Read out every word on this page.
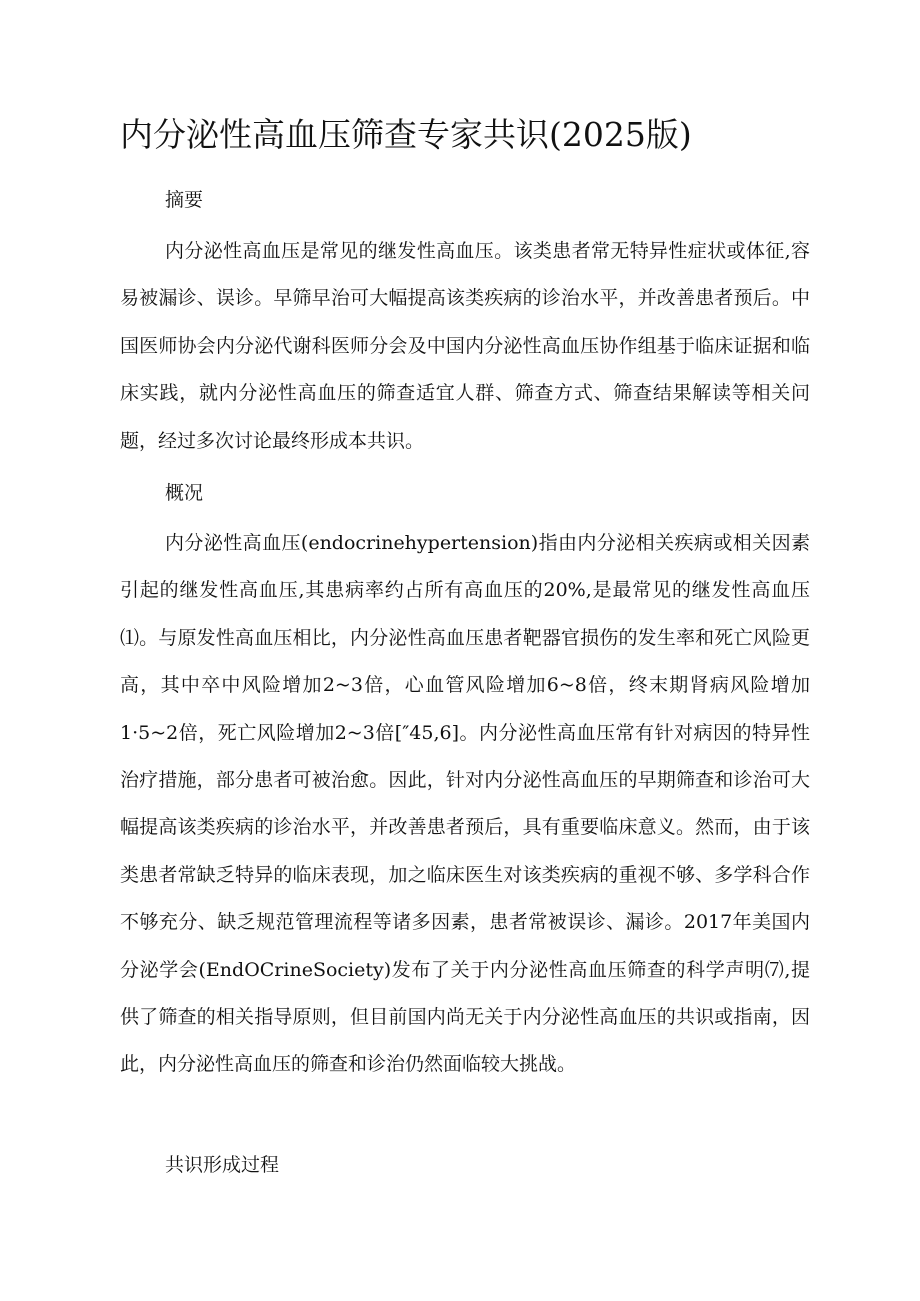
内分泌性高血压筛查专家共识(2025版)
摘要

内分泌性高血压是常见的继发性高血压。该类患者常无特异性症状或体征,容易被漏诊、误诊。早筛早治可大幅提高该类疾病的诊治水平，并改善患者预后。中国医师协会内分泌代谢科医师分会及中国内分泌性高血压协作组基于临床证据和临床实践，就内分泌性高血压的筛查适宜人群、筛查方式、筛查结果解读等相关问题，经过多次讨论最终形成本共识。

概况

内分泌性高血压(endocrinehypertension)指由内分泌相关疾病或相关因素引起的继发性高血压,其患病率约占所有高血压的20%,是最常见的继发性高血压⑴。与原发性高血压相比，内分泌性高血压患者靶器官损伤的发生率和死亡风险更高，其中卒中风险增加2~3倍，心血管风险增加6~8倍，终末期肾病风险增加1·5~2倍，死亡风险增加2~3倍[″45,6]。内分泌性高血压常有针对病因的特异性治疗措施，部分患者可被治愈。因此，针对内分泌性高血压的早期筛查和诊治可大幅提高该类疾病的诊治水平，并改善患者预后，具有重要临床意义。然而，由于该类患者常缺乏特异的临床表现，加之临床医生对该类疾病的重视不够、多学科合作不够充分、缺乏规范管理流程等诸多因素，患者常被误诊、漏诊。2017年美国内分泌学会(EndOCrineSociety)发布了关于内分泌性高血压筛查的科学声明⑺,提供了筛查的相关指导原则，但目前国内尚无关于内分泌性高血压的共识或指南，因此，内分泌性高血压的筛查和诊治仍然面临较大挑战。

共识形成过程
